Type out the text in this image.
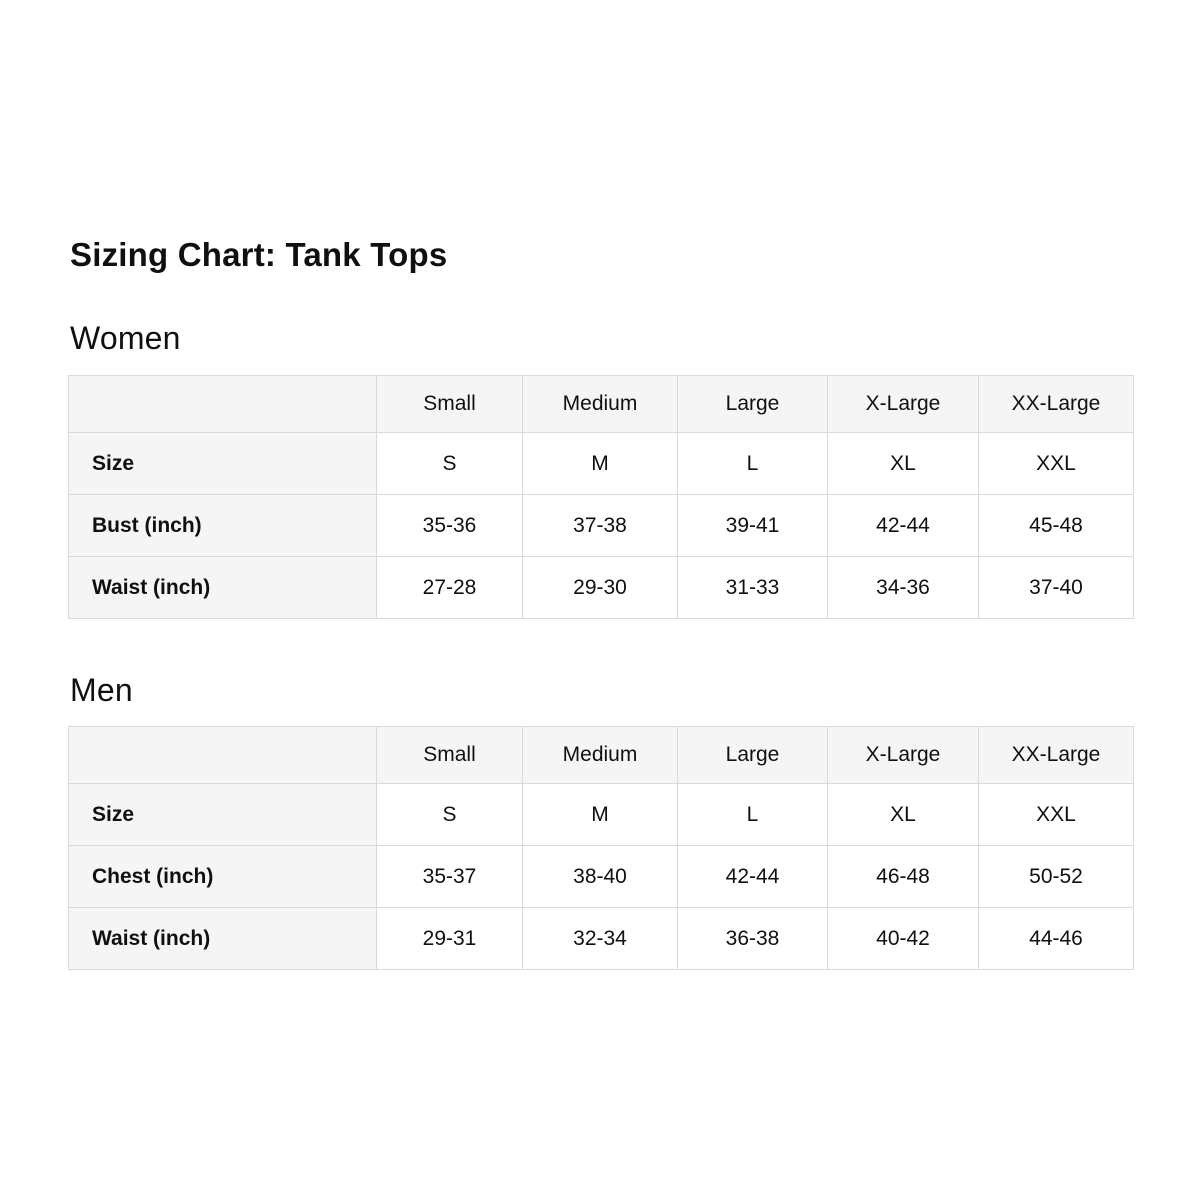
Sizing Chart: Tank Tops
Women
	Small	Medium	Large	X-Large	XX-Large
Size	S	M	L	XL	XXL
Bust (inch)	35-36	37-38	39-41	42-44	45-48
Waist (inch)	27-28	29-30	31-33	34-36	37-40
Men
	Small	Medium	Large	X-Large	XX-Large
Size	S	M	L	XL	XXL
Chest (inch)	35-37	38-40	42-44	46-48	50-52
Waist (inch)	29-31	32-34	36-38	40-42	44-46
